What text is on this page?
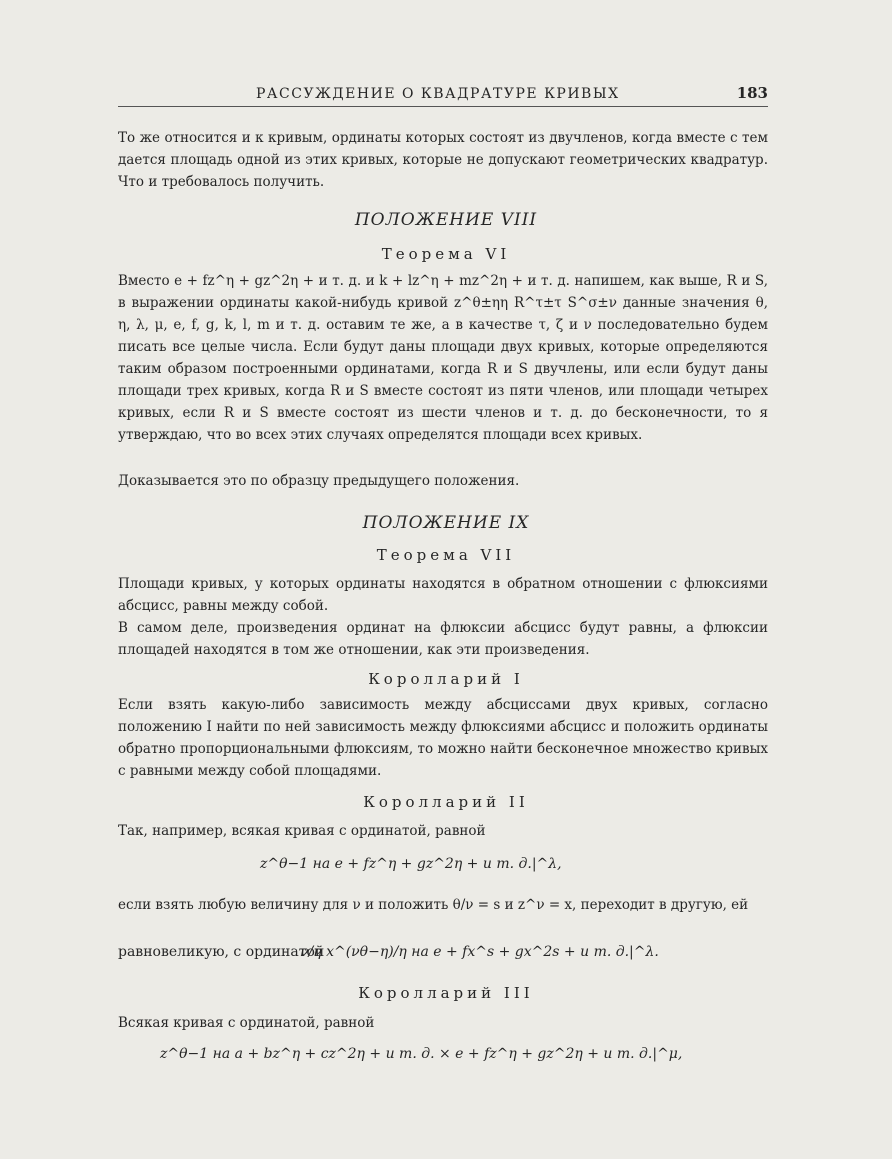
РАССУЖДЕНИЕ О КВАДРАТУРЕ КРИВЫХ	183

То же относится и к кривым, ординаты которых состоят из двучленов, когда вместе с тем дается площадь одной из этих кривых, которые не допускают геометрических квадратур. Что и требовалось получить.

ПОЛОЖЕНИЕ VIII

Теорема VI

Вместо e + fz^η + gz^2η + и т. д. и k + lz^η + mz^2η + и т. д. напишем, как выше, R и S, в выражении ординаты какой-нибудь кривой z^θ±ηη R^τ±τ S^σ±ν данные значения θ, η, λ, μ, e, f, g, k, l, m и т. д. оставим те же, а в качестве τ, ζ и ν последовательно будем писать все целые числа. Если будут даны площади двух кривых, которые определяются таким образом построенными ординатами, когда R и S двучлены, или если будут даны площади трех кривых, когда R и S вместе состоят из пяти членов, или площади четырех кривых, если R и S вместе состоят из шести членов и т. д. до бесконечности, то я утверждаю, что во всех этих случаях определятся площади всех кривых.

Доказывается это по образцу предыдущего положения.

ПОЛОЖЕНИЕ IX

Теорема VII

Площади кривых, у которых ординаты находятся в обратном отношении с флюксиями абсцисс, равны между собой.

В самом деле, произведения ординат на флюксии абсцисс будут равны, а флюксии площадей находятся в том же отношении, как эти произведения.

Королларий I

Если взять какую-либо зависимость между абсциссами двух кривых, согласно положению I найти по ней зависимость между флюксиями абсцисс и положить ординаты обратно пропорциональными флюксиям, то можно найти бесконечное множество кривых с равными между собой площадями.

Королларий II

Так, например, всякая кривая с ординатой, равной

z^θ−1 на e + fz^η + gz^2η + и т. д.|^λ,

если взять любую величину для ν и положить θ/ν = s и z^ν = x, переходит в другую, ей

равновеликую, с ординатой
ν/η x^(νθ−η)/η на e + fx^s + gx^2s + и т. д.|^λ.

Королларий III

Всякая кривая с ординатой, равной

z^θ−1 на a + bz^η + cz^2η + и т. д. × e + fz^η + gz^2η + и т. д.|^μ,
